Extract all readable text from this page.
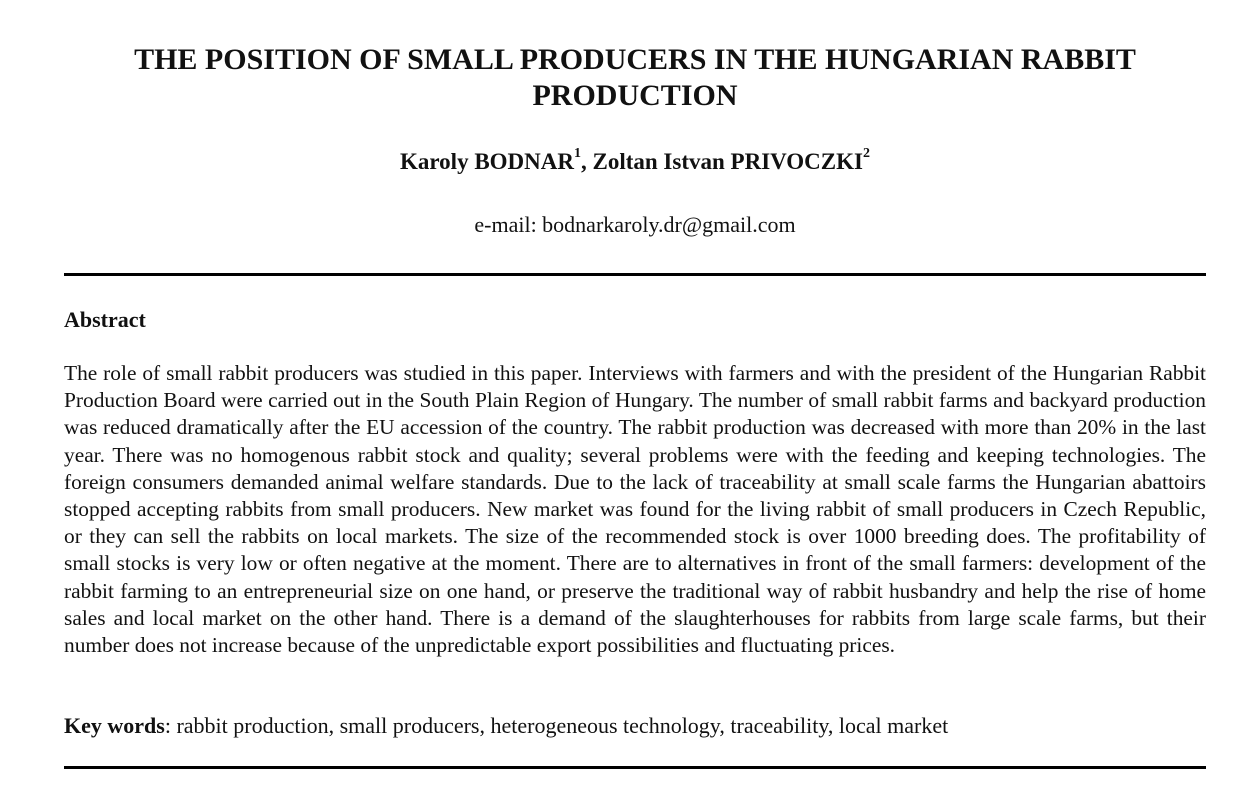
THE POSITION OF SMALL PRODUCERS IN THE HUNGARIAN RABBIT PRODUCTION

Karoly BODNAR$^1$, Zoltan Istvan PRIVOCZKI$^2$

e-mail: bodnarkaroly.dr@gmail.com

Abstract

The role of small rabbit producers was studied in this paper. Interviews with farmers and with the president of the Hungarian Rabbit Production Board were carried out in the South Plain Region of Hungary. The number of small rabbit farms and backyard production was reduced dramatically after the EU accession of the country. The rabbit production was decreased with more than 20% in the last year. There was no homogenous rabbit stock and quality; several problems were with the feeding and keeping technologies. The foreign consumers demanded animal welfare standards. Due to the lack of traceability at small scale farms the Hungarian abattoirs stopped accepting rabbits from small producers. New market was found for the living rabbit of small producers in Czech Republic, or they can sell the rabbits on local markets. The size of the recommended stock is over 1000 breeding does. The profitability of small stocks is very low or often negative at the moment. There are to alternatives in front of the small farmers: development of the rabbit farming to an entrepreneurial size on one hand, or preserve the traditional way of rabbit husbandry and help the rise of home sales and local market on the other hand. There is a demand of the slaughterhouses for rabbits from large scale farms, but their number does not increase because of the unpredictable export possibilities and fluctuating prices.

Key words: rabbit production, small producers, heterogeneous technology, traceability, local market
